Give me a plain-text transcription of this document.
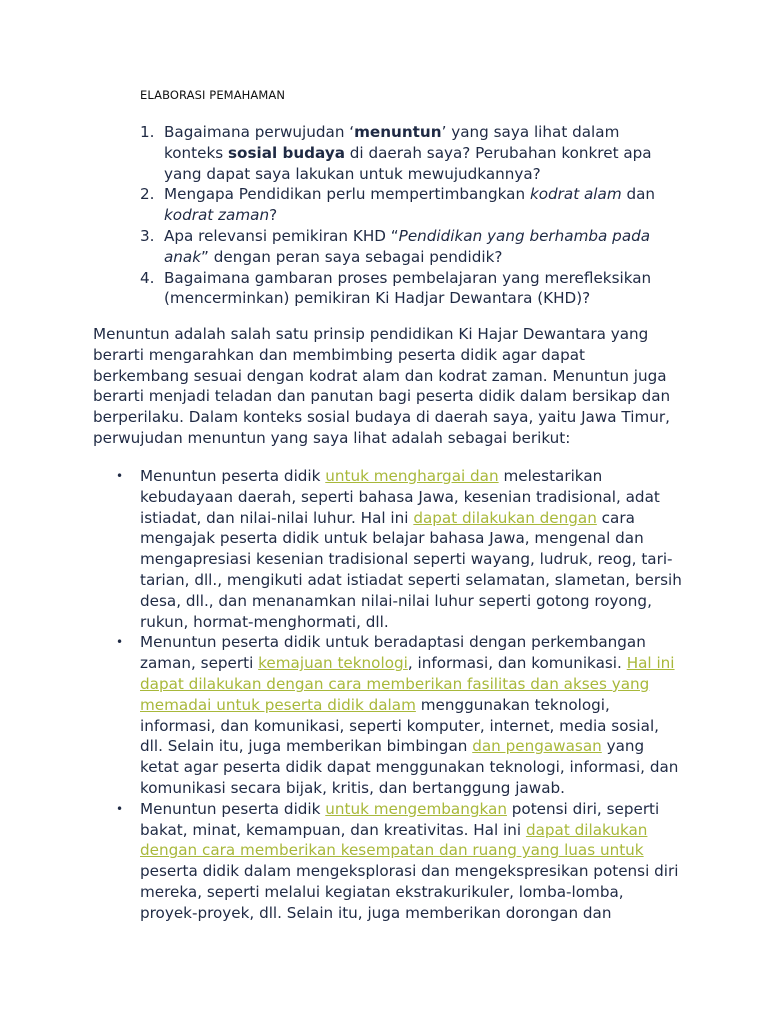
ELABORASI PEMAHAMAN
1. Bagaimana perwujudan ‘menuntun’ yang saya lihat dalam konteks sosial budaya di daerah saya? Perubahan konkret apa yang dapat saya lakukan untuk mewujudkannya?
2. Mengapa Pendidikan perlu mempertimbangkan kodrat alam dan kodrat zaman?
3. Apa relevansi pemikiran KHD “Pendidikan yang berhamba pada anak” dengan peran saya sebagai pendidik?
4. Bagaimana gambaran proses pembelajaran yang merefleksikan (mencerminkan) pemikiran Ki Hadjar Dewantara (KHD)?

Menuntun adalah salah satu prinsip pendidikan Ki Hajar Dewantara yang berarti mengarahkan dan membimbing peserta didik agar dapat berkembang sesuai dengan kodrat alam dan kodrat zaman. Menuntun juga berarti menjadi teladan dan panutan bagi peserta didik dalam bersikap dan berperilaku. Dalam konteks sosial budaya di daerah saya, yaitu Jawa Timur, perwujudan menuntun yang saya lihat adalah sebagai berikut:

• Menuntun peserta didik untuk menghargai dan melestarikan kebudayaan daerah, seperti bahasa Jawa, kesenian tradisional, adat istiadat, dan nilai-nilai luhur. Hal ini dapat dilakukan dengan cara mengajak peserta didik untuk belajar bahasa Jawa, mengenal dan mengapresiasi kesenian tradisional seperti wayang, ludruk, reog, tari-tarian, dll., mengikuti adat istiadat seperti selamatan, slametan, bersih desa, dll., dan menanamkan nilai-nilai luhur seperti gotong royong, rukun, hormat-menghormati, dll.
• Menuntun peserta didik untuk beradaptasi dengan perkembangan zaman, seperti kemajuan teknologi, informasi, dan komunikasi. Hal ini dapat dilakukan dengan cara memberikan fasilitas dan akses yang memadai untuk peserta didik dalam menggunakan teknologi, informasi, dan komunikasi, seperti komputer, internet, media sosial, dll. Selain itu, juga memberikan bimbingan dan pengawasan yang ketat agar peserta didik dapat menggunakan teknologi, informasi, dan komunikasi secara bijak, kritis, dan bertanggung jawab.
• Menuntun peserta didik untuk mengembangkan potensi diri, seperti bakat, minat, kemampuan, dan kreativitas. Hal ini dapat dilakukan dengan cara memberikan kesempatan dan ruang yang luas untuk peserta didik dalam mengeksplorasi dan mengekspresikan potensi diri mereka, seperti melalui kegiatan ekstrakurikuler, lomba-lomba, proyek-proyek, dll. Selain itu, juga memberikan dorongan dan
